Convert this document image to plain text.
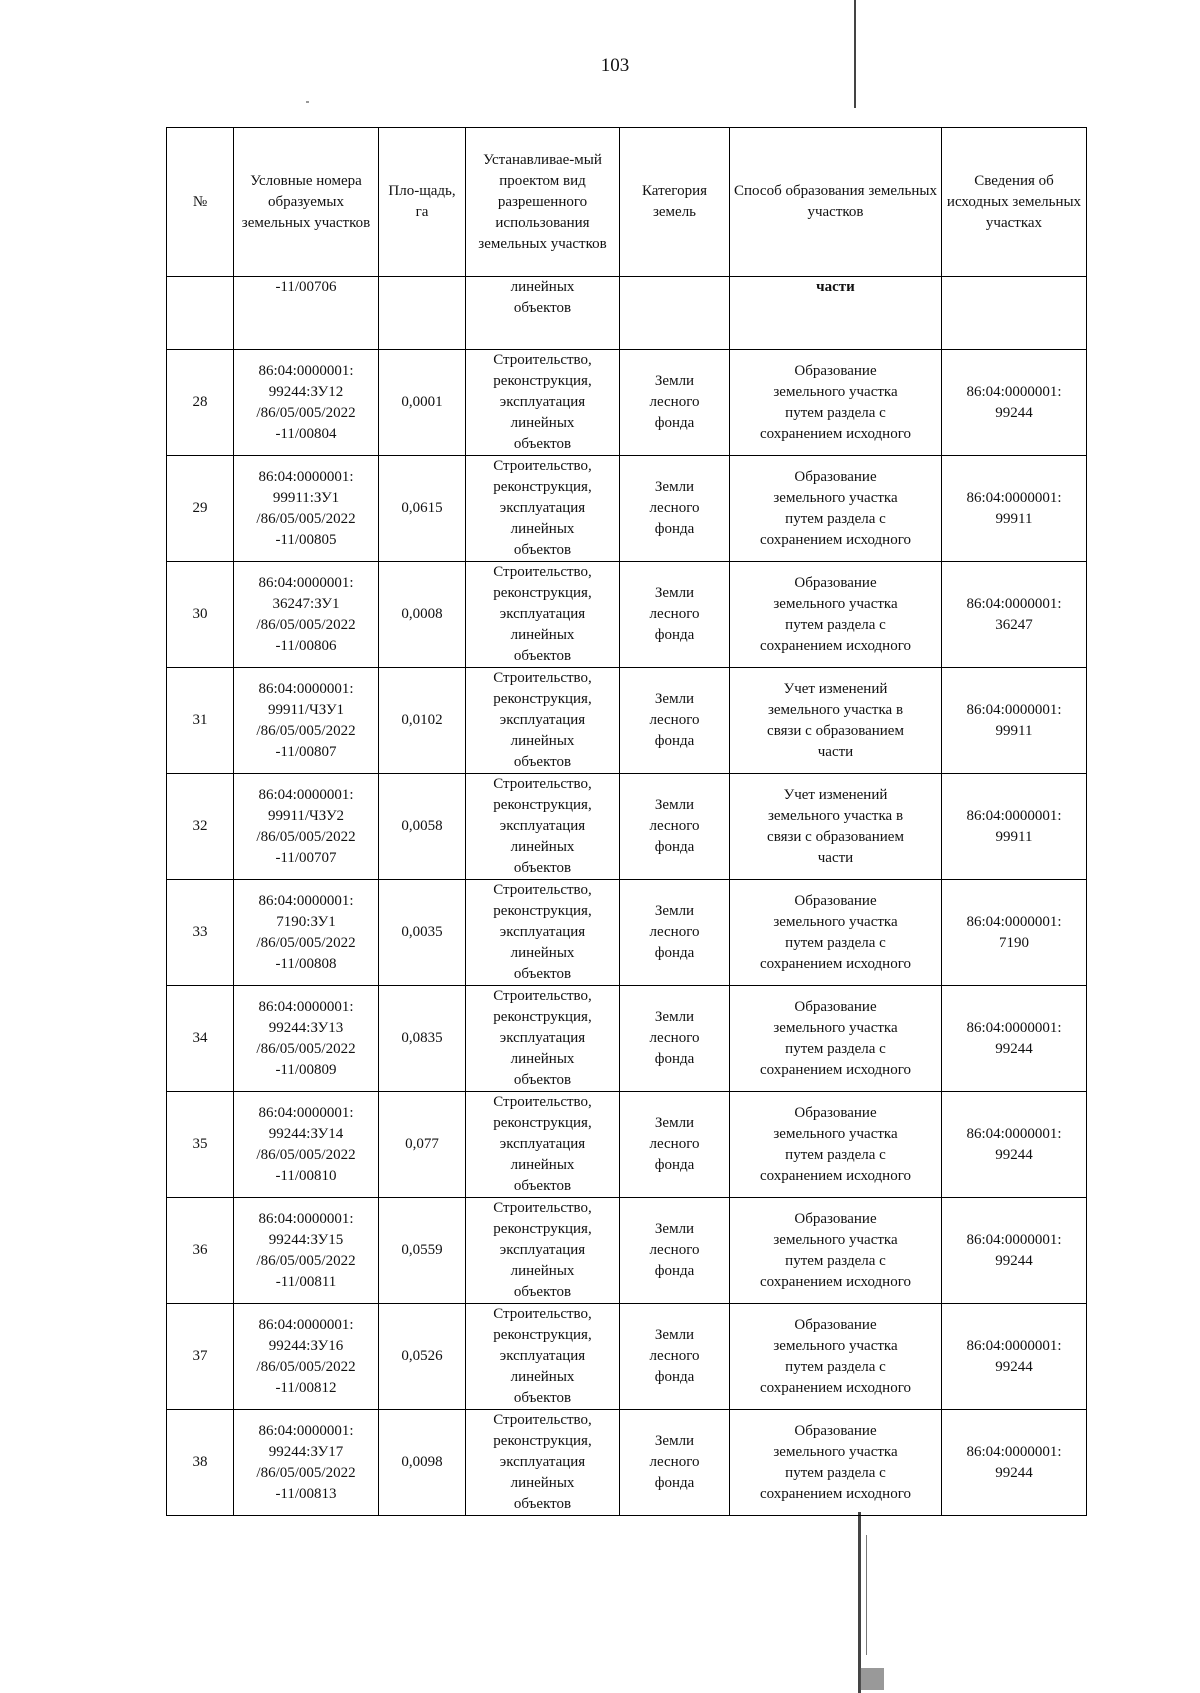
103
№	Условные номера образуемых земельных участков	Пло-щадь, га	Устанавливае-мый проектом вид разрешенного использования земельных участков	Категория земель	Способ образования земельных участков	Сведения об исходных земельных участках
	-11/00706		линейных
объектов		части	
28	86:04:0000001:
99244:ЗУ12
/86/05/005/2022
-11/00804	0,0001	Строительство,
реконструкция,
эксплуатация
линейных
объектов	Земли
лесного
фонда	Образование
земельного участка
путем раздела с
сохранением исходного	86:04:0000001:
99244
29	86:04:0000001:
99911:ЗУ1
/86/05/005/2022
-11/00805	0,0615	Строительство,
реконструкция,
эксплуатация
линейных
объектов	Земли
лесного
фонда	Образование
земельного участка
путем раздела с
сохранением исходного	86:04:0000001:
99911
30	86:04:0000001:
36247:ЗУ1
/86/05/005/2022
-11/00806	0,0008	Строительство,
реконструкция,
эксплуатация
линейных
объектов	Земли
лесного
фонда	Образование
земельного участка
путем раздела с
сохранением исходного	86:04:0000001:
36247
31	86:04:0000001:
99911/ЧЗУ1
/86/05/005/2022
-11/00807	0,0102	Строительство,
реконструкция,
эксплуатация
линейных
объектов	Земли
лесного
фонда	Учет изменений
земельного участка в
связи с образованием
части	86:04:0000001:
99911
32	86:04:0000001:
99911/ЧЗУ2
/86/05/005/2022
-11/00707	0,0058	Строительство,
реконструкция,
эксплуатация
линейных
объектов	Земли
лесного
фонда	Учет изменений
земельного участка в
связи с образованием
части	86:04:0000001:
99911
33	86:04:0000001:
7190:ЗУ1
/86/05/005/2022
-11/00808	0,0035	Строительство,
реконструкция,
эксплуатация
линейных
объектов	Земли
лесного
фонда	Образование
земельного участка
путем раздела с
сохранением исходного	86:04:0000001:
7190
34	86:04:0000001:
99244:ЗУ13
/86/05/005/2022
-11/00809	0,0835	Строительство,
реконструкция,
эксплуатация
линейных
объектов	Земли
лесного
фонда	Образование
земельного участка
путем раздела с
сохранением исходного	86:04:0000001:
99244
35	86:04:0000001:
99244:ЗУ14
/86/05/005/2022
-11/00810	0,077	Строительство,
реконструкция,
эксплуатация
линейных
объектов	Земли
лесного
фонда	Образование
земельного участка
путем раздела с
сохранением исходного	86:04:0000001:
99244
36	86:04:0000001:
99244:ЗУ15
/86/05/005/2022
-11/00811	0,0559	Строительство,
реконструкция,
эксплуатация
линейных
объектов	Земли
лесного
фонда	Образование
земельного участка
путем раздела с
сохранением исходного	86:04:0000001:
99244
37	86:04:0000001:
99244:ЗУ16
/86/05/005/2022
-11/00812	0,0526	Строительство,
реконструкция,
эксплуатация
линейных
объектов	Земли
лесного
фонда	Образование
земельного участка
путем раздела с
сохранением исходного	86:04:0000001:
99244
38	86:04:0000001:
99244:ЗУ17
/86/05/005/2022
-11/00813	0,0098	Строительство,
реконструкция,
эксплуатация
линейных
объектов	Земли
лесного
фонда	Образование
земельного участка
путем раздела с
сохранением исходного	86:04:0000001:
99244
